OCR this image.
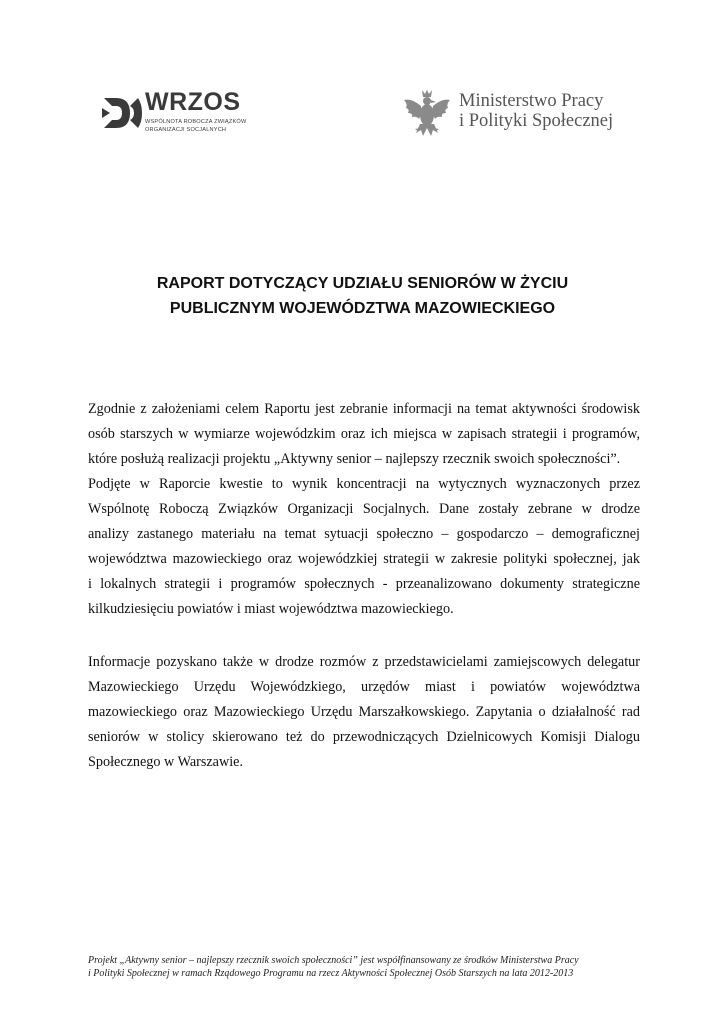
WRZOS
WSPÓLNOTA ROBOCZA ZWIĄZKÓW
ORGANIZACJI SOCJALNYCH
Ministerstwo Pracy
i Polityki Społecznej
RAPORT DOTYCZĄCY UDZIAŁU SENIORÓW W ŻYCIU
PUBLICZNYM WOJEWÓDZTWA MAZOWIECKIEGO
Zgodnie z założeniami celem Raportu jest zebranie informacji na temat aktywności środowisk
osób starszych w wymiarze wojewódzkim oraz ich miejsca w zapisach strategii i programów,
które posłużą realizacji projektu „Aktywny senior – najlepszy rzecznik swoich społeczności”.
Podjęte w Raporcie kwestie to wynik koncentracji na wytycznych wyznaczonych przez
Wspólnotę Roboczą Związków Organizacji Socjalnych. Dane zostały zebrane w drodze
analizy zastanego materiału na temat sytuacji społeczno – gospodarczo – demograficznej
województwa mazowieckiego oraz wojewódzkiej strategii w zakresie polityki społecznej, jak
i lokalnych strategii i programów społecznych - przeanalizowano dokumenty strategiczne
kilkudziesięciu powiatów i miast województwa mazowieckiego.
Informacje pozyskano także w drodze rozmów z przedstawicielami zamiejscowych delegatur
Mazowieckiego Urzędu Wojewódzkiego, urzędów miast i powiatów województwa
mazowieckiego oraz Mazowieckiego Urzędu Marszałkowskiego. Zapytania o działalność rad
seniorów w stolicy skierowano też do przewodniczących Dzielnicowych Komisji Dialogu
Społecznego w Warszawie.
Projekt „Aktywny senior – najlepszy rzecznik swoich społeczności” jest współfinansowany ze środków Ministerstwa Pracy
i Polityki Społecznej w ramach Rządowego Programu na rzecz Aktywności Społecznej Osób Starszych na lata 2012-2013
